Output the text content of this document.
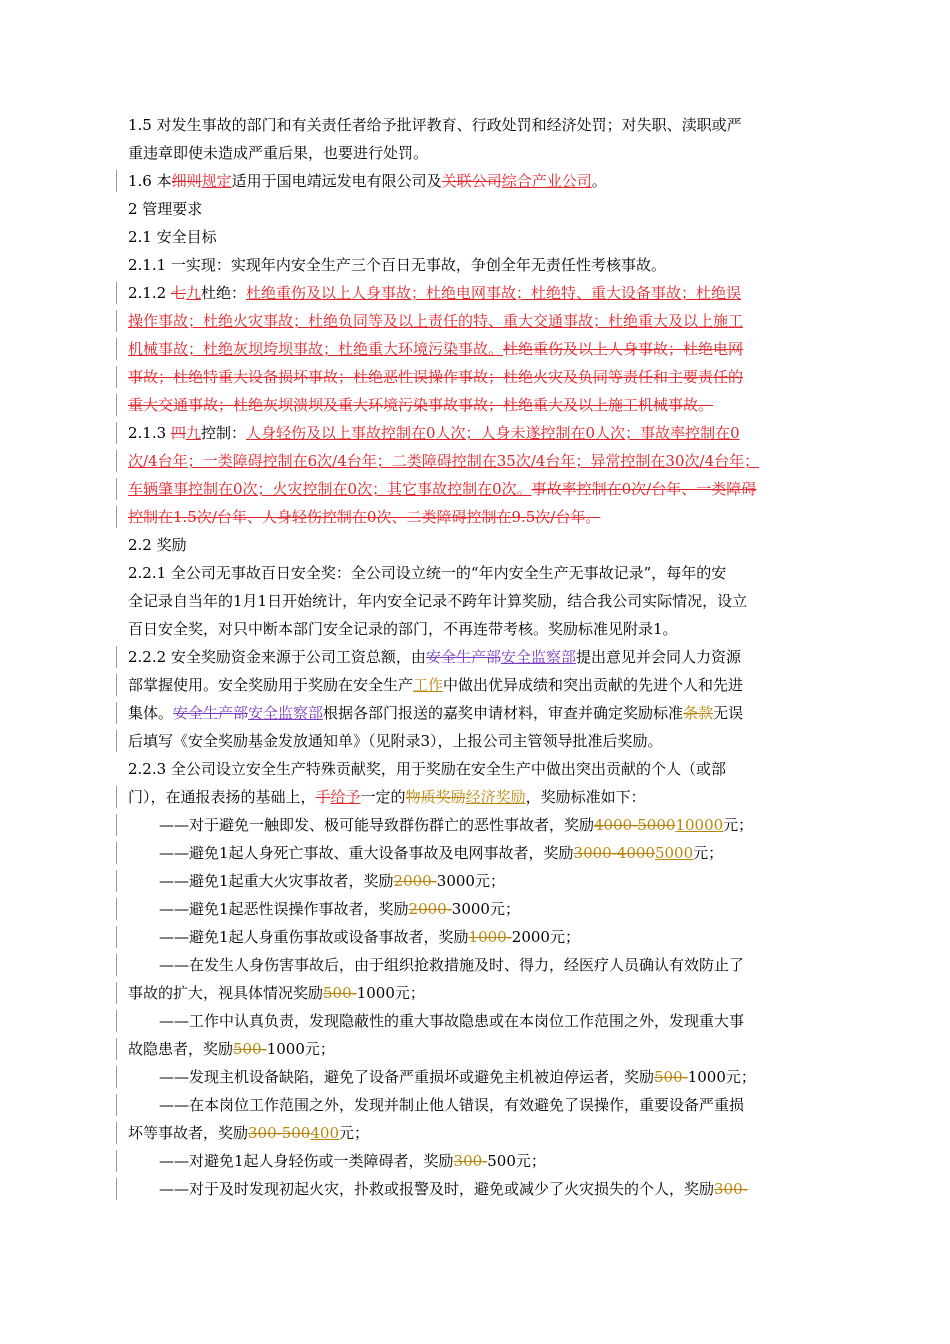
1.5 对发生事故的部门和有关责任者给予批评教育、行政处罚和经济处罚；对失职、渎职或严
重违章即使未造成严重后果，也要进行处罚。
1.6 本细则规定适用于国电靖远发电有限公司及关联公司综合产业公司。
2 管理要求
2.1 安全目标
2.1.1 一实现：实现年内安全生产三个百日无事故，争创全年无责任性考核事故。
2.1.2 七九杜绝：杜绝重伤及以上人身事故；杜绝电网事故；杜绝特、重大设备事故；杜绝误
操作事故；杜绝火灾事故；杜绝负同等及以上责任的特、重大交通事故；杜绝重大及以上施工
机械事故；杜绝灰坝垮坝事故；杜绝重大环境污染事故。杜绝重伤及以上人身事故；杜绝电网
事故；杜绝特重大设备损坏事故；杜绝恶性误操作事故；杜绝火灾及负同等责任和主要责任的
重大交通事故；杜绝灰坝溃坝及重大环境污染事故事故；杜绝重大及以上施工机械事故。
2.1.3 四九控制：人身轻伤及以上事故控制在0人次；人身未遂控制在0人次；事故率控制在0
次/4台年；一类障碍控制在6次/4台年；二类障碍控制在35次/4台年；异常控制在30次/4台年；
车辆肇事控制在0次；火灾控制在0次；其它事故控制在0次。事故率控制在0次/台年、一类障碍
控制在1.5次/台年、人身轻伤控制在0次、二类障碍控制在9.5次/台年。
2.2 奖励
2.2.1 全公司无事故百日安全奖：全公司设立统一的“年内安全生产无事故记录”，每年的安
全记录自当年的1月1日开始统计，年内安全记录不跨年计算奖励，结合我公司实际情况，设立
百日安全奖，对只中断本部门安全记录的部门，不再连带考核。奖励标准见附录1。
2.2.2 安全奖励资金来源于公司工资总额，由安全生产部安全监察部提出意见并会同人力资源
部掌握使用。安全奖励用于奖励在安全生产工作中做出优异成绩和突出贡献的先进个人和先进
集体。安全生产部安全监察部根据各部门报送的嘉奖申请材料，审查并确定奖励标准条款无误
后填写《安全奖励基金发放通知单》（见附录3），上报公司主管领导批准后奖励。
2.2.3 全公司设立安全生产特殊贡献奖，用于奖励在安全生产中做出突出贡献的个人（或部
门），在通报表扬的基础上，手给予一定的物质奖励经济奖励，奖励标准如下：
——对于避免一触即发、极可能导致群伤群亡的恶性事故者，奖励4000-500010000元；
——避免1起人身死亡事故、重大设备事故及电网事故者，奖励3000-40005000元；
——避免1起重大火灾事故者，奖励2000-3000元；
——避免1起恶性误操作事故者，奖励2000-3000元；
——避免1起人身重伤事故或设备事故者，奖励1000-2000元；
——在发生人身伤害事故后，由于组织抢救措施及时、得力，经医疗人员确认有效防止了
事故的扩大，视具体情况奖励500-1000元；
——工作中认真负责，发现隐蔽性的重大事故隐患或在本岗位工作范围之外，发现重大事
故隐患者，奖励500-1000元；
——发现主机设备缺陷，避免了设备严重损坏或避免主机被迫停运者，奖励500-1000元；
——在本岗位工作范围之外，发现并制止他人错误，有效避免了误操作，重要设备严重损
坏等事故者，奖励300-500400元；
——对避免1起人身轻伤或一类障碍者，奖励300-500元；
——对于及时发现初起火灾，扑救或报警及时，避免或减少了火灾损失的个人，奖励300-
